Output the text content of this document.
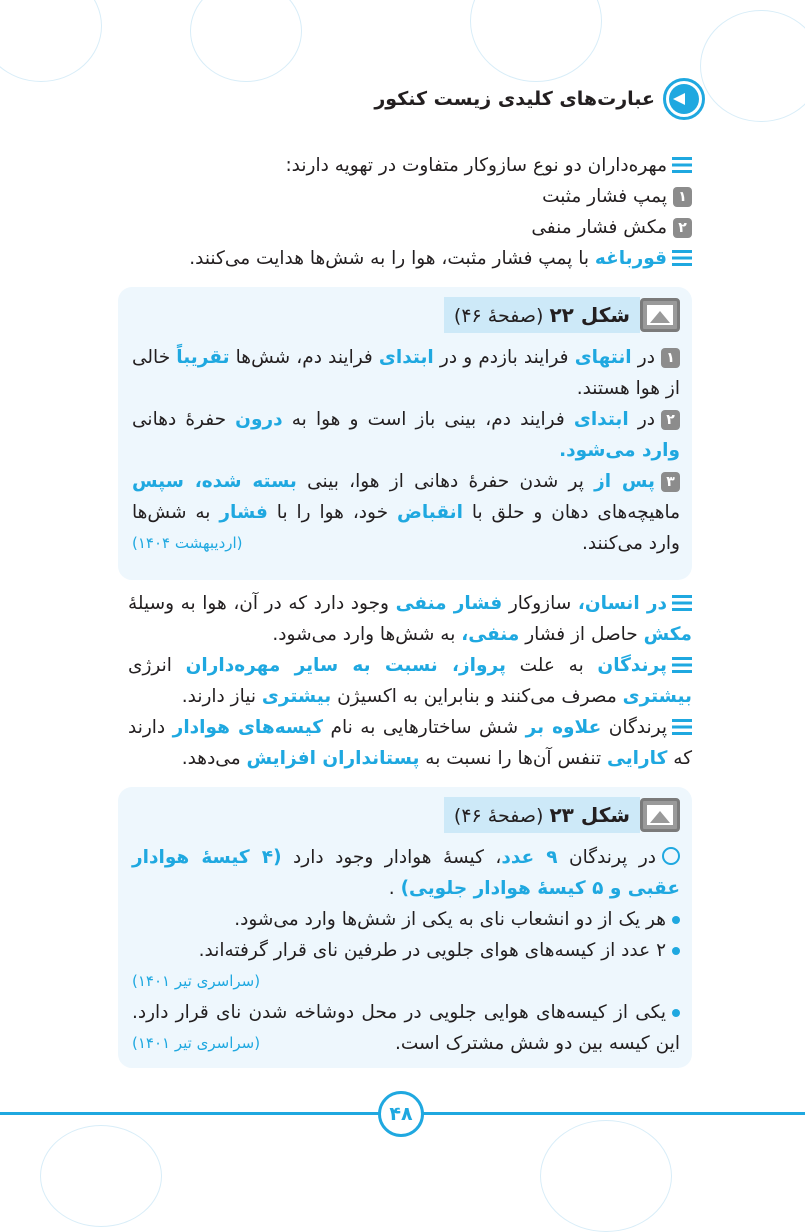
عبارت‌های کلیدی زیست کنکور

مهره‌داران دو نوع سازوکار متفاوت در تهویه دارند:

۱پمپ فشار مثبت

۲مکش فشار منفی

قورباغه با پمپ فشار مثبت، هوا را به شش‌ها هدایت می‌کنند.

شکل ۲۲ (صفحهٔ ۴۶)

۱در انتهای فرایند بازدم و در ابتدای فرایند دم، شش‌ها تقریباً خالی از هوا هستند.

۲در ابتدای فرایند دم، بینی باز است و هوا به درون حفرهٔ دهانی وارد می‌شود.

۳پس از پر شدن حفرهٔ دهانی از هوا، بینی بسته شده، سپس ماهیچه‌های دهان و حلق با انقباض خود، هوا را با فشار به شش‌ها وارد می‌کنند.
(اردیبهشت ۱۴۰۴)

در انسان، سازوکار فشار منفی وجود دارد که در آن، هوا به وسیلهٔ مکش حاصل از فشار منفی، به شش‌ها وارد می‌شود.

پرندگان به علت پرواز، نسبت به سایر مهره‌داران انرژی بیشتری مصرف می‌کنند و بنابراین به اکسیژن بیشتری نیاز دارند.

پرندگان علاوه بر شش ساختارهایی به نام کیسه‌های هوادار دارند که کارایی تنفس آن‌ها را نسبت به پستانداران افزایش می‌دهد.

شکل ۲۳ (صفحهٔ ۴۶)

در پرندگان ۹ عدد، کیسهٔ هوادار وجود دارد (۴ کیسهٔ هوادار عقبی و ۵ کیسهٔ هوادار جلویی) .

هر یک از دو انشعاب نای به یکی از شش‌ها وارد می‌شود.

۲ عدد از کیسه‌های هوای جلویی در طرفین نای قرار گرفته‌اند.

(سراسری تیر ۱۴۰۱)

یکی از کیسه‌های هوایی جلویی در محل دوشاخه شدن نای قرار دارد. این کیسه بین دو شش مشترک است.
(سراسری تیر ۱۴۰۱)

۴۸
